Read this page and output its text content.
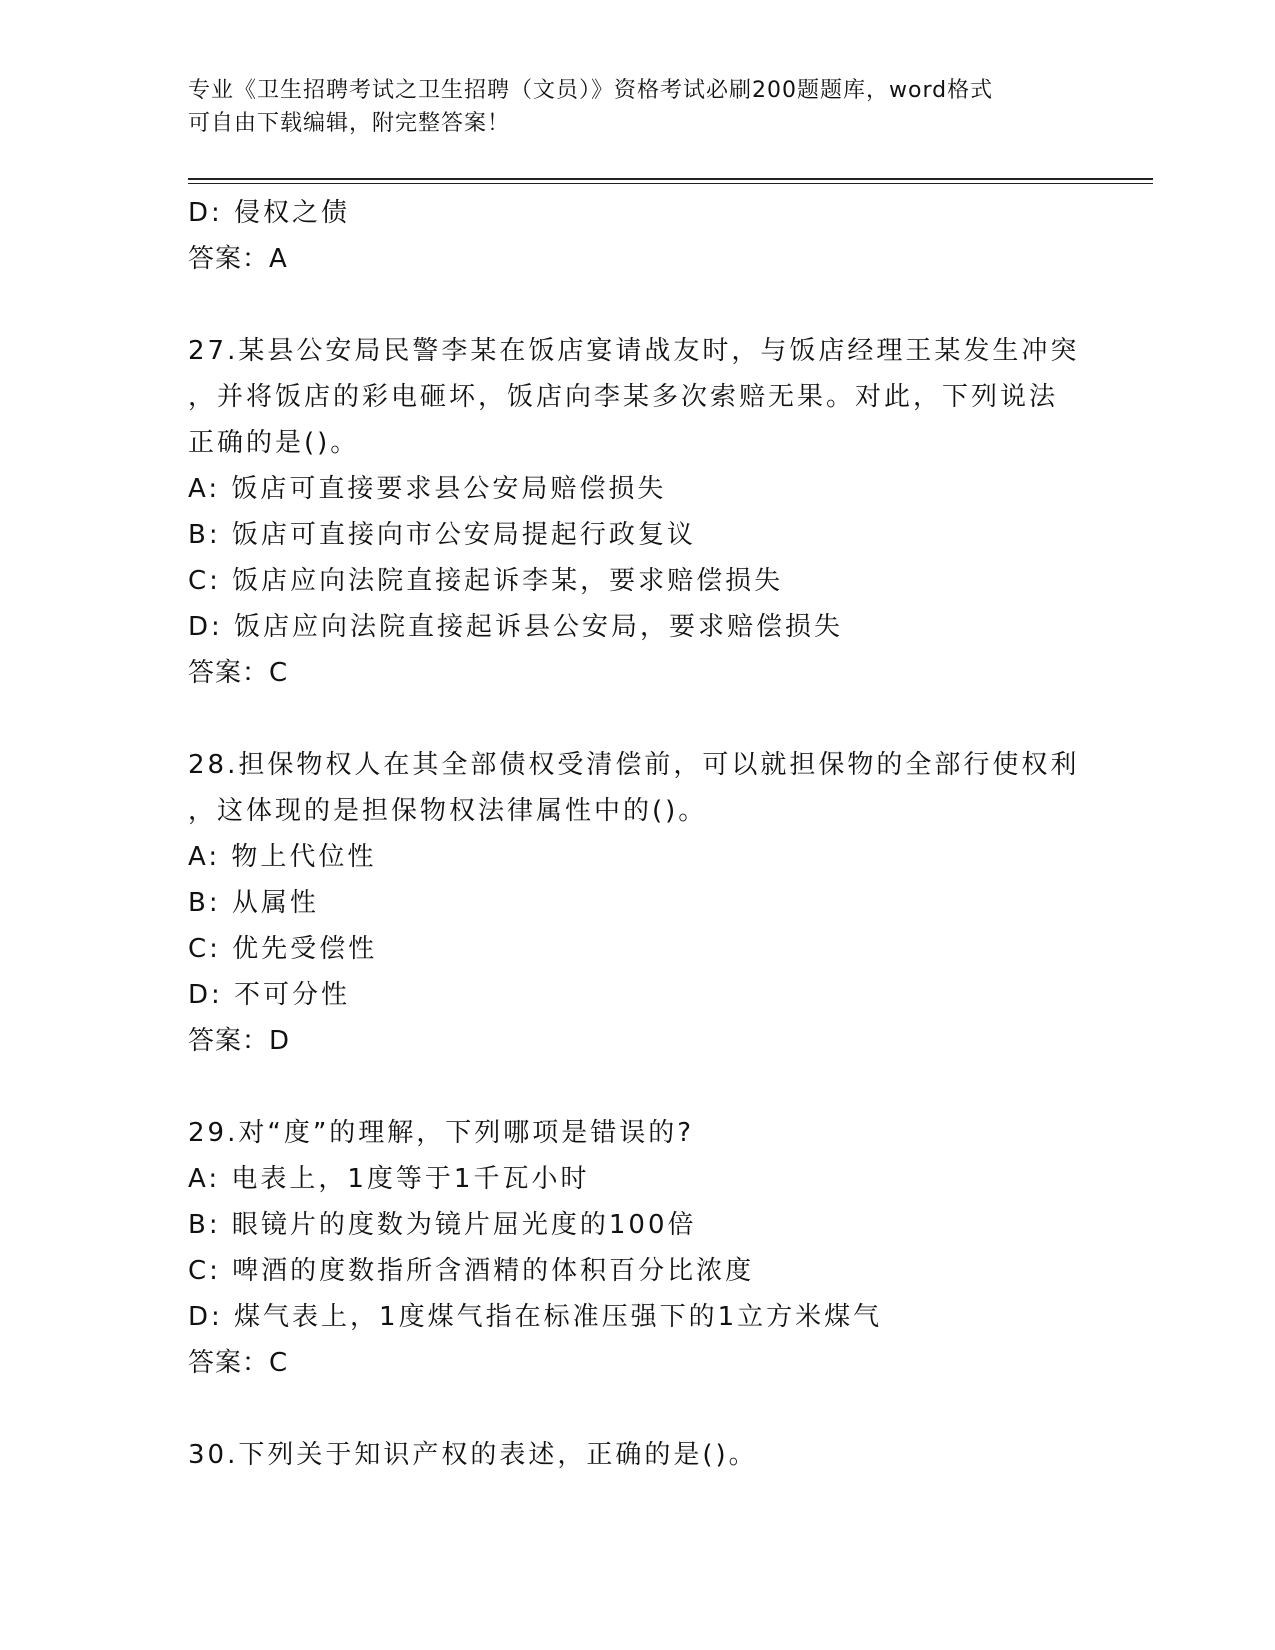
专业《卫生招聘考试之卫生招聘（文员）》资格考试必刷200题题库，word格式
可自由下载编辑，附完整答案！
D: 侵权之债
答案：A
27.某县公安局民警李某在饭店宴请战友时，与饭店经理王某发生冲突
，并将饭店的彩电砸坏，饭店向李某多次索赔无果。对此，下列说法
正确的是()。
A: 饭店可直接要求县公安局赔偿损失
B: 饭店可直接向市公安局提起行政复议
C: 饭店应向法院直接起诉李某，要求赔偿损失
D: 饭店应向法院直接起诉县公安局，要求赔偿损失
答案：C
28.担保物权人在其全部债权受清偿前，可以就担保物的全部行使权利
，这体现的是担保物权法律属性中的()。
A: 物上代位性
B: 从属性
C: 优先受偿性
D: 不可分性
答案：D
29.对“度”的理解，下列哪项是错误的?
A: 电表上，1度等于1千瓦小时
B: 眼镜片的度数为镜片屈光度的100倍
C: 啤酒的度数指所含酒精的体积百分比浓度
D: 煤气表上，1度煤气指在标准压强下的1立方米煤气
答案：C
30.下列关于知识产权的表述，正确的是()。
